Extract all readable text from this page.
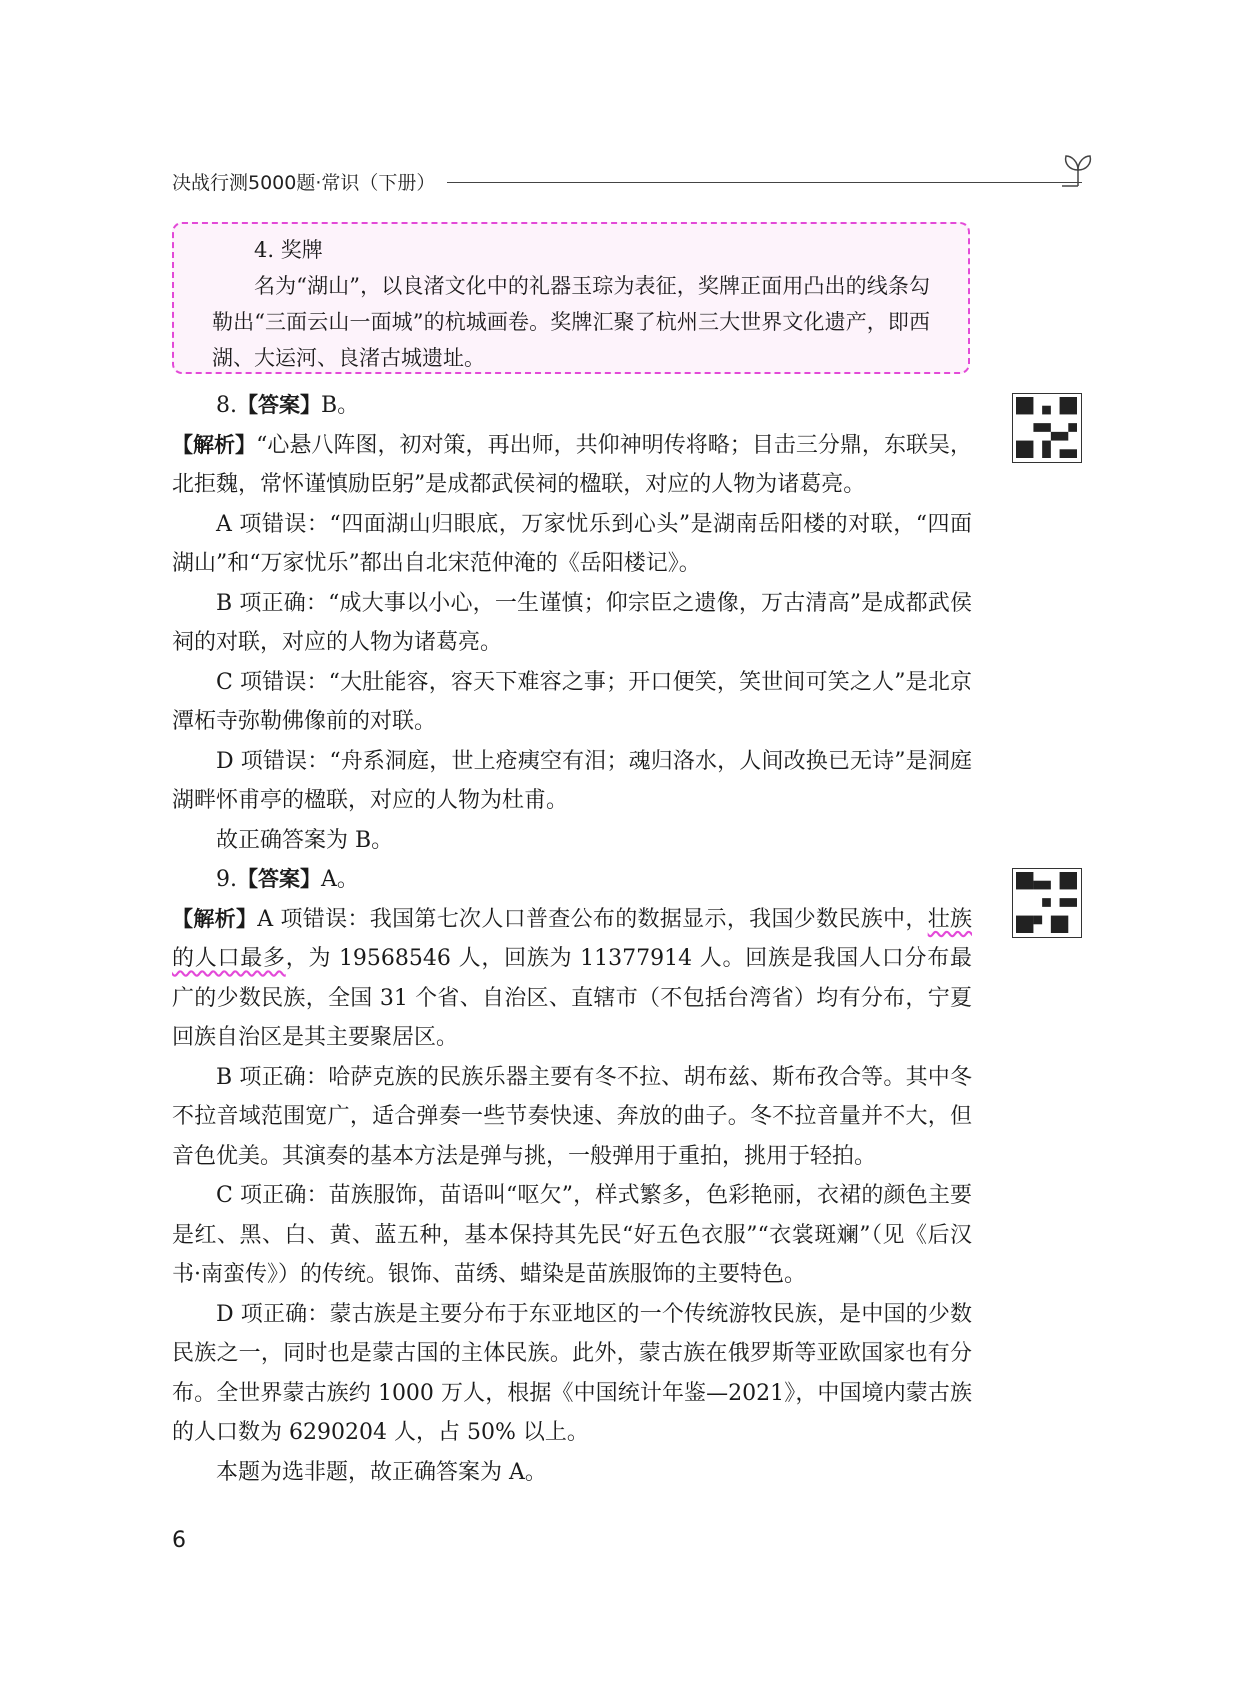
决战行测5000题·常识（下册）

4. 奖牌

名为“湖山”，以良渚文化中的礼器玉琮为表征，奖牌正面用凸出的线条勾勒出“三面云山一面城”的杭城画卷。奖牌汇聚了杭州三大世界文化遗产，即西湖、大运河、良渚古城遗址。

8.【答案】B。

【解析】“心悬八阵图，初对策，再出师，共仰神明传将略；目击三分鼎，东联吴，北拒魏，常怀谨慎励臣躬”是成都武侯祠的楹联，对应的人物为诸葛亮。

A 项错误：“四面湖山归眼底，万家忧乐到心头”是湖南岳阳楼的对联，“四面湖山”和“万家忧乐”都出自北宋范仲淹的《岳阳楼记》。

B 项正确：“成大事以小心，一生谨慎；仰宗臣之遗像，万古清高”是成都武侯祠的对联，对应的人物为诸葛亮。

C 项错误：“大肚能容，容天下难容之事；开口便笑，笑世间可笑之人”是北京潭柘寺弥勒佛像前的对联。

D 项错误：“舟系洞庭，世上疮痍空有泪；魂归洛水，人间改换已无诗”是洞庭湖畔怀甫亭的楹联，对应的人物为杜甫。

故正确答案为 B。

9.【答案】A。

【解析】A 项错误：我国第七次人口普查公布的数据显示，我国少数民族中，壮族的人口最多，为 19568546 人，回族为 11377914 人。回族是我国人口分布最广的少数民族，全国 31 个省、自治区、直辖市（不包括台湾省）均有分布，宁夏回族自治区是其主要聚居区。

B 项正确：哈萨克族的民族乐器主要有冬不拉、胡布兹、斯布孜合等。其中冬不拉音域范围宽广，适合弹奏一些节奏快速、奔放的曲子。冬不拉音量并不大，但音色优美。其演奏的基本方法是弹与挑，一般弹用于重拍，挑用于轻拍。

C 项正确：苗族服饰，苗语叫“呕欠”，样式繁多，色彩艳丽，衣裙的颜色主要是红、黑、白、黄、蓝五种，基本保持其先民“好五色衣服”“衣裳斑斓”（见《后汉书·南蛮传》）的传统。银饰、苗绣、蜡染是苗族服饰的主要特色。

D 项正确：蒙古族是主要分布于东亚地区的一个传统游牧民族，是中国的少数民族之一，同时也是蒙古国的主体民族。此外，蒙古族在俄罗斯等亚欧国家也有分布。全世界蒙古族约 1000 万人，根据《中国统计年鉴—2021》，中国境内蒙古族的人口数为 6290204 人，占 50% 以上。

本题为选非题，故正确答案为 A。

6
